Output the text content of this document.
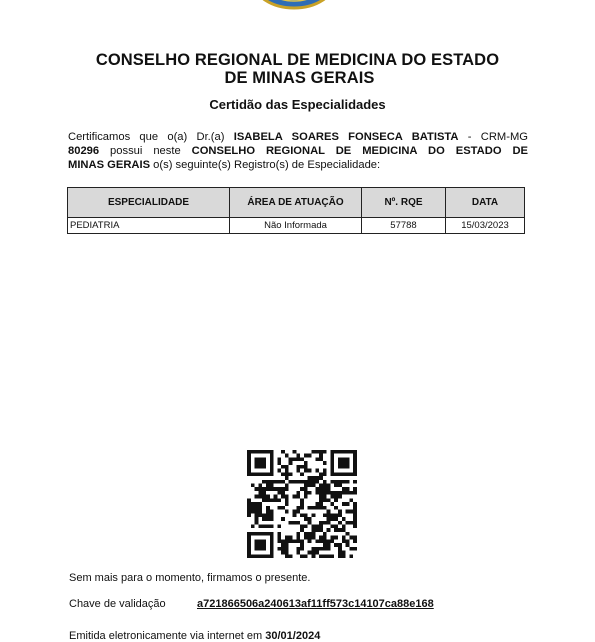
CONSELHO REGIONAL DE MEDICINA DO ESTADO
DE MINAS GERAIS
Certidão das Especialidades
Certificamos que o(a) Dr.(a) ISABELA SOARES FONSECA BATISTA - CRM-MG
80296 possui neste CONSELHO REGIONAL DE MEDICINA DO ESTADO DE
MINAS GERAIS o(s) seguinte(s) Registro(s) de Especialidade:
ESPECIALIDADE	ÁREA DE ATUAÇÃO	Nº. RQE	DATA
PEDIATRIA	Não Informada	57788	15/03/2023
Sem mais para o momento, firmamos o presente.
Chave de validação	a721866506a240613af11ff573c14107ca88e168
Emitida eletronicamente via internet em 30/01/2024
